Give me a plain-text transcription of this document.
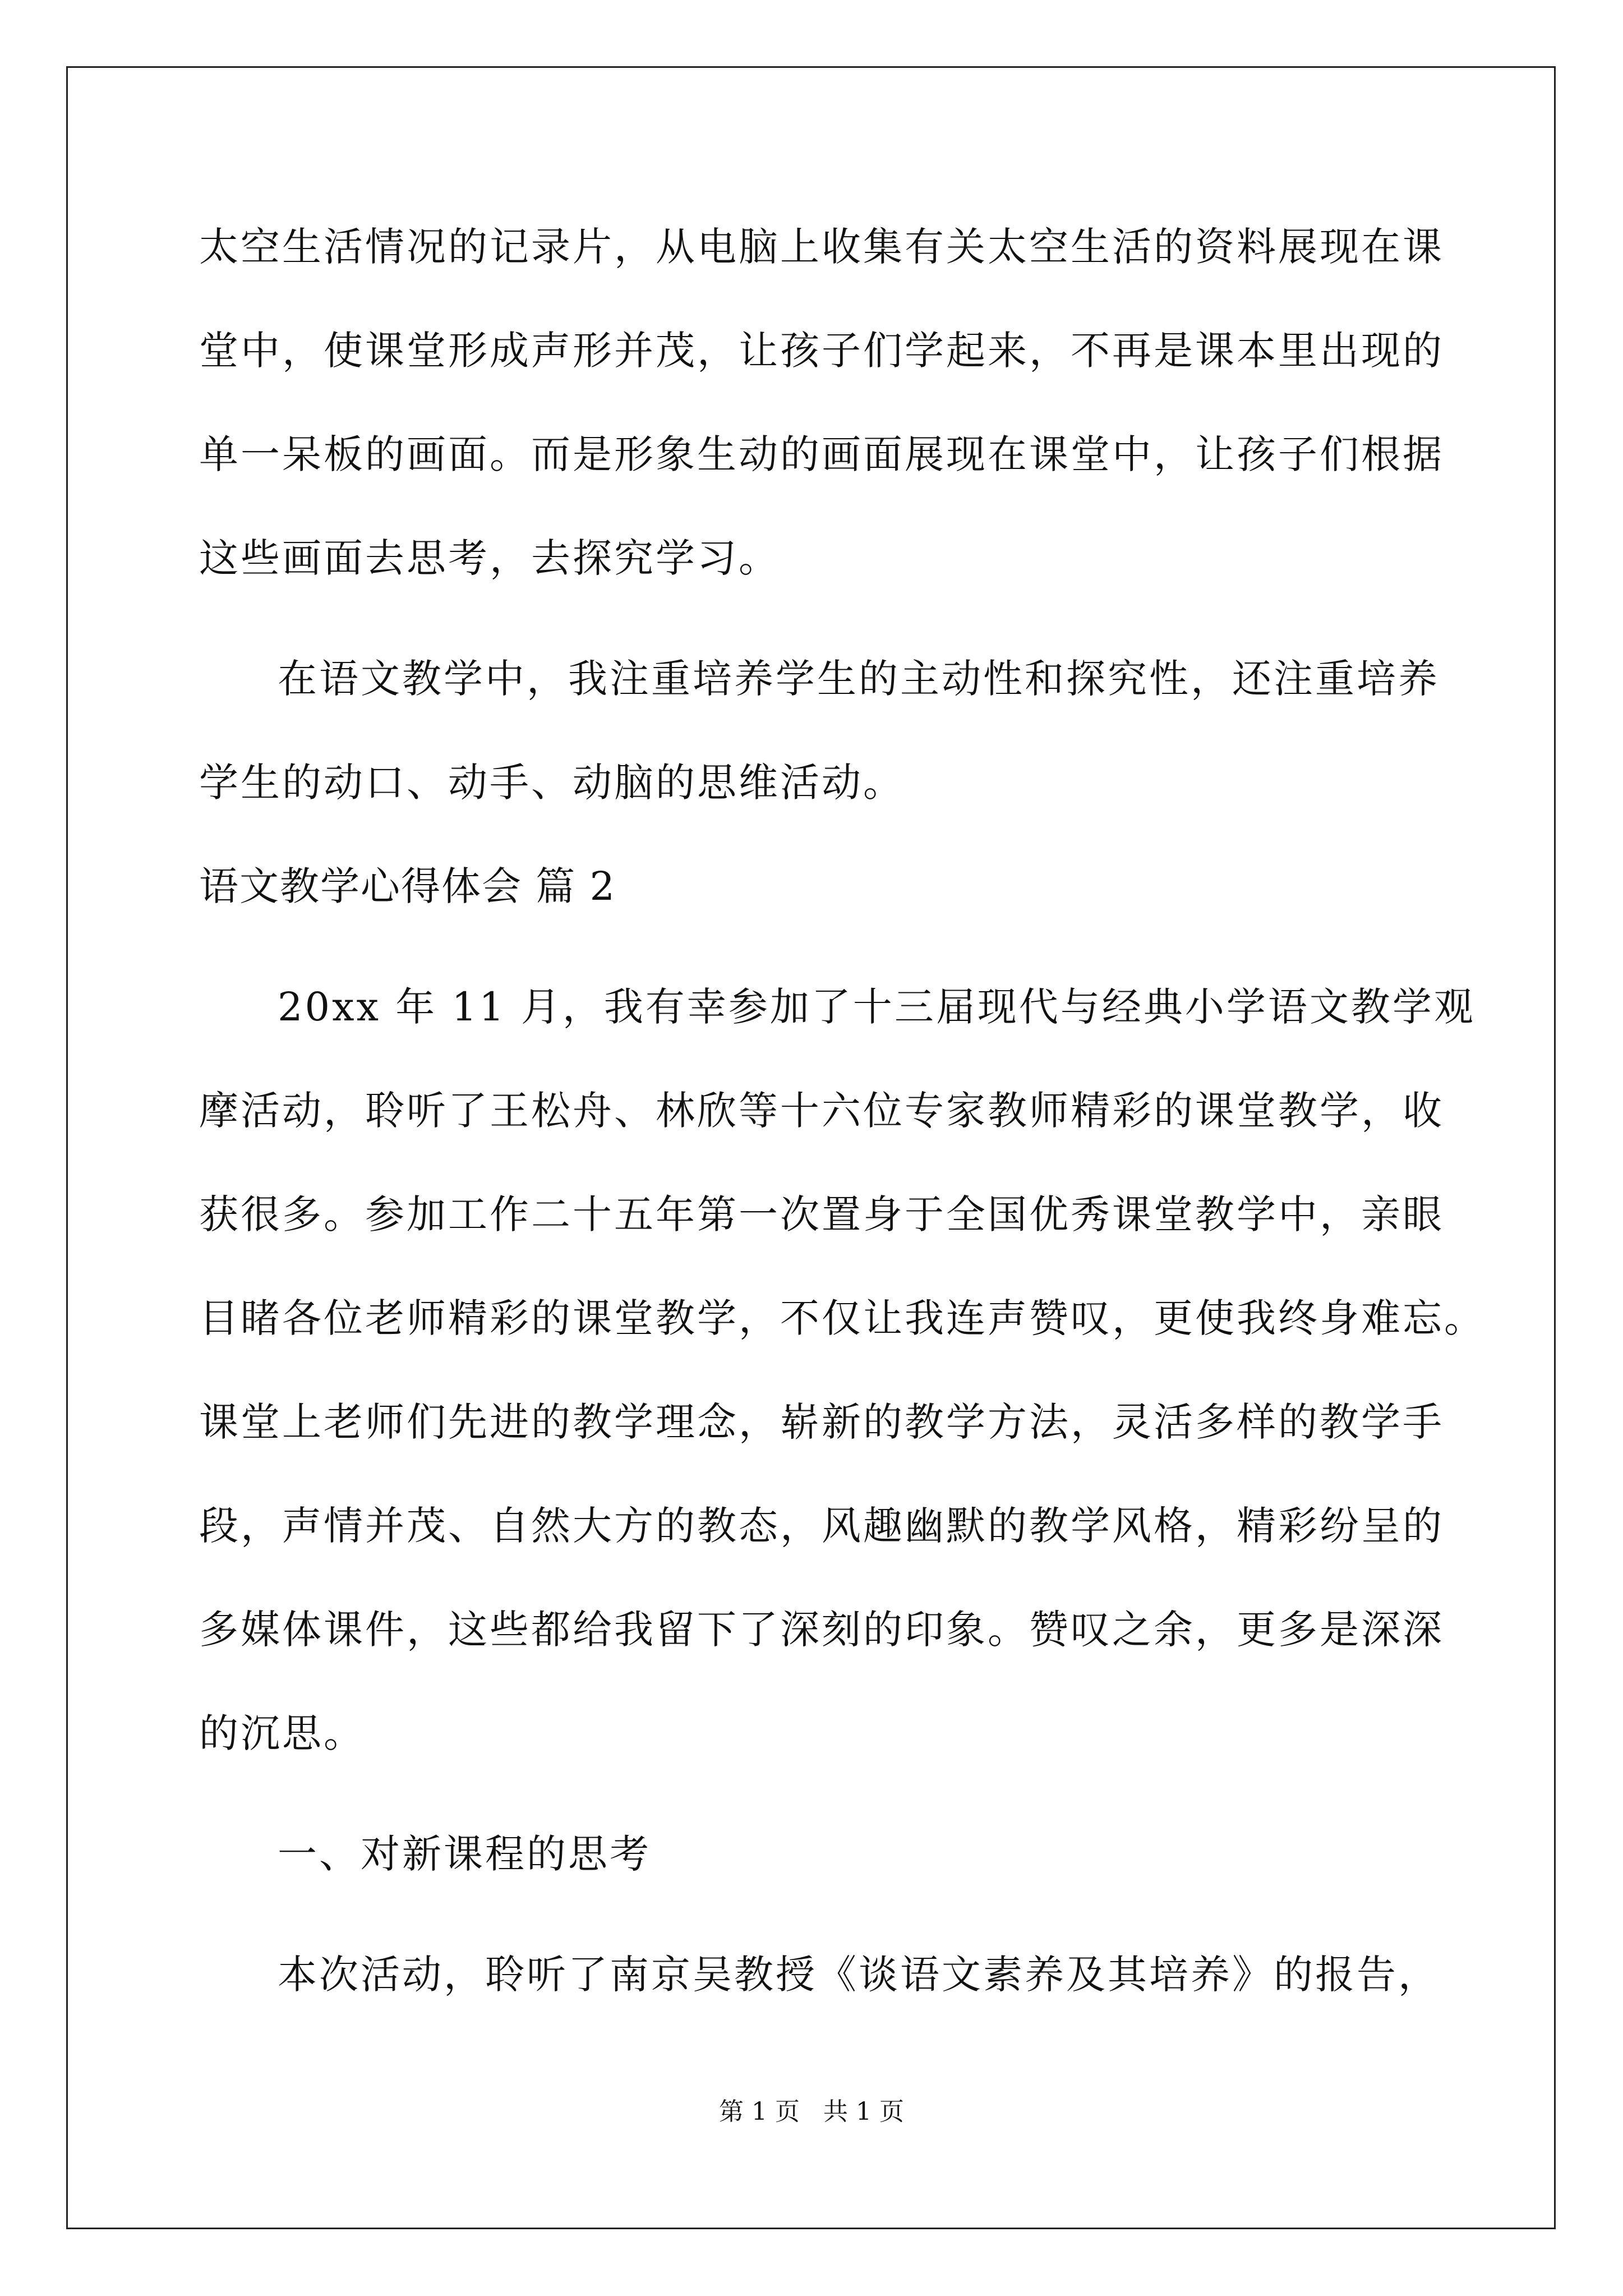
太空生活情况的记录片，从电脑上收集有关太空生活的资料展现在课
堂中，使课堂形成声形并茂，让孩子们学起来，不再是课本里出现的
单一呆板的画面。而是形象生动的画面展现在课堂中，让孩子们根据
这些画面去思考，去探究学习。
在语文教学中，我注重培养学生的主动性和探究性，还注重培养
学生的动口、动手、动脑的思维活动。
语文教学心得体会 篇 2
20xx 年 11 月，我有幸参加了十三届现代与经典小学语文教学观
摩活动，聆听了王松舟、林欣等十六位专家教师精彩的课堂教学，收
获很多。参加工作二十五年第一次置身于全国优秀课堂教学中，亲眼
目睹各位老师精彩的课堂教学，不仅让我连声赞叹，更使我终身难忘。
课堂上老师们先进的教学理念，崭新的教学方法，灵活多样的教学手
段，声情并茂、自然大方的教态，风趣幽默的教学风格，精彩纷呈的
多媒体课件，这些都给我留下了深刻的印象。赞叹之余，更多是深深
的沉思。
一、对新课程的思考
本次活动，聆听了南京吴教授《谈语文素养及其培养》的报告，
第 1 页   共 1 页
